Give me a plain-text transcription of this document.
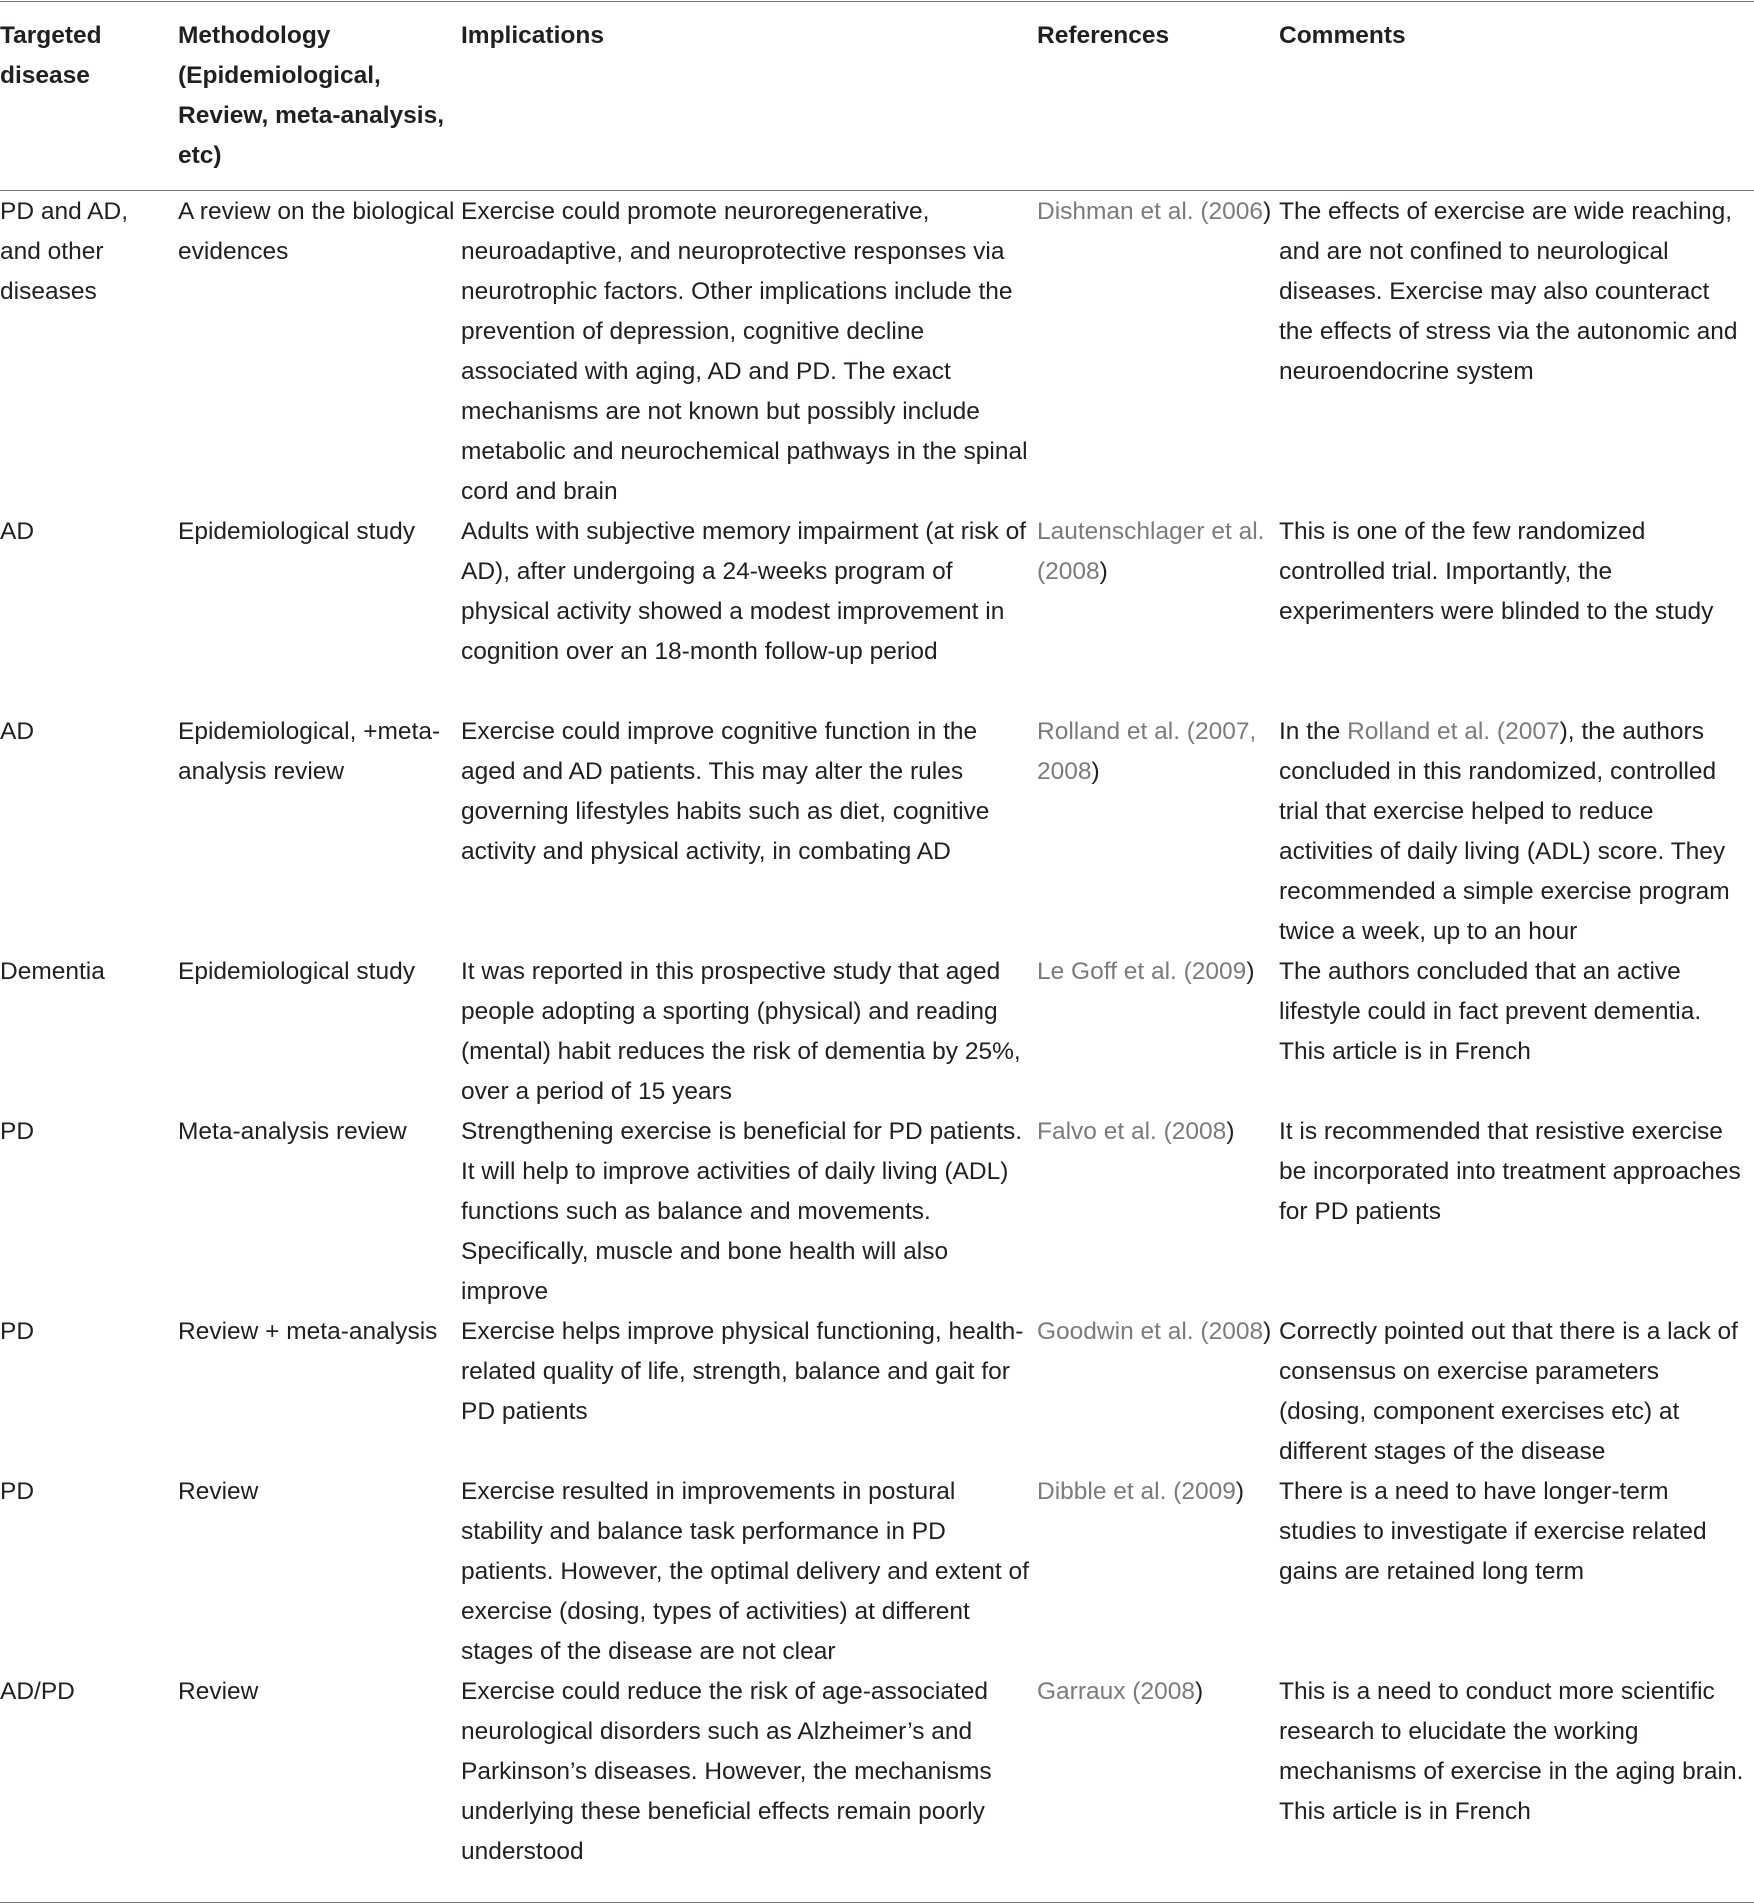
Targeted disease	Methodology (Epidemiological, Review, meta-analysis, etc)	Implications	References	Comments
PD and AD, and other diseases	A review on the biological evidences	Exercise could promote neuroregenerative, neuroadaptive, and neuroprotective responses via neurotrophic factors. Other implications include the prevention of depression, cognitive decline associated with aging, AD and PD. The exact mechanisms are not known but possibly include metabolic and neurochemical pathways in the spinal cord and brain	Dishman et al. (2006)	The effects of exercise are wide reaching, and are not confined to neurological diseases. Exercise may also counteract the effects of stress via the autonomic and neuroendocrine system
AD	Epidemiological study	Adults with subjective memory impairment (at risk of AD), after undergoing a 24-weeks program of physical activity showed a modest improvement in cognition over an 18-month follow-up period	Lautenschlager et al. (2008)	This is one of the few randomized controlled trial. Importantly, the experimenters were blinded to the study
AD	Epidemiological, +meta-analysis review	Exercise could improve cognitive function in the aged and AD patients. This may alter the rules governing lifestyles habits such as diet, cognitive activity and physical activity, in combating AD	Rolland et al. (2007, 2008)	In the Rolland et al. (2007), the authors concluded in this randomized, controlled trial that exercise helped to reduce activities of daily living (ADL) score. They recommended a simple exercise program twice a week, up to an hour
Dementia	Epidemiological study	It was reported in this prospective study that aged people adopting a sporting (physical) and reading (mental) habit reduces the risk of dementia by 25%, over a period of 15 years	Le Goff et al. (2009)	The authors concluded that an active lifestyle could in fact prevent dementia. This article is in French
PD	Meta-analysis review	Strengthening exercise is beneficial for PD patients. It will help to improve activities of daily living (ADL) functions such as balance and movements. Specifically, muscle and bone health will also improve	Falvo et al. (2008)	It is recommended that resistive exercise be incorporated into treatment approaches for PD patients
PD	Review + meta-analysis	Exercise helps improve physical functioning, health-related quality of life, strength, balance and gait for PD patients	Goodwin et al. (2008)	Correctly pointed out that there is a lack of consensus on exercise parameters (dosing, component exercises etc) at different stages of the disease
PD	Review	Exercise resulted in improvements in postural stability and balance task performance in PD patients. However, the optimal delivery and extent of exercise (dosing, types of activities) at different stages of the disease are not clear	Dibble et al. (2009)	There is a need to have longer-term studies to investigate if exercise related gains are retained long term
AD/PD	Review	Exercise could reduce the risk of age-associated neurological disorders such as Alzheimer’s and Parkinson’s diseases. However, the mechanisms underlying these beneficial effects remain poorly understood	Garraux (2008)	This is a need to conduct more scientific research to elucidate the working mechanisms of exercise in the aging brain. This article is in French
